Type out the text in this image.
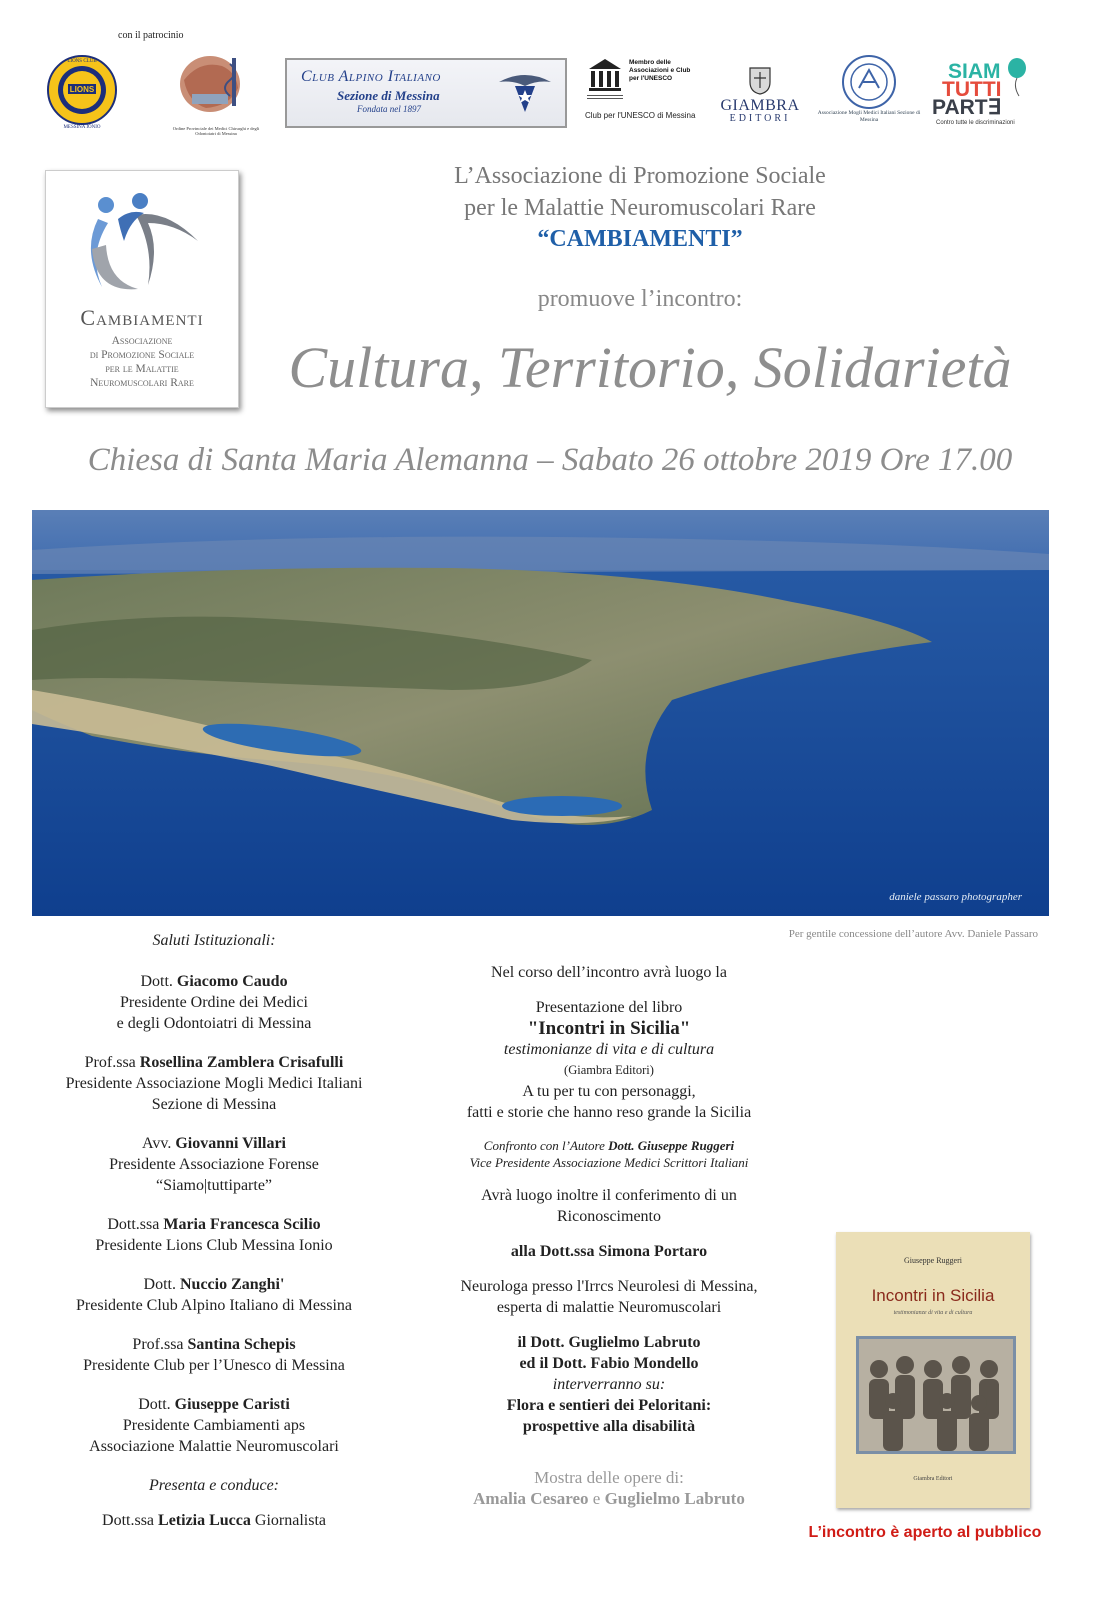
con il patrocinio
LIONS
LIONS CLUB
MESSINA IONIO	Ordine Provinciale dei Medici Chirurghi e degli Odontoiatri di Messina
Club Alpino Italiano
Sezione di Messina
Fondata nel 1897
Membro delle Associazioni e Club per l'UNESCO
Club per l'UNESCO di Messina
GIAMBRA
EDITORI	Associazione Mogli Medici Italiani Sezione di Messina
SIAM
TUTTI
PART∃
Contro tutte le discriminazioni
Cambiamenti
Associazione
di Promozione Sociale
per le Malattie
Neuromuscolari Rare
L’Associazione di Promozione Sociale
per le Malattie Neuromuscolari Rare
“CAMBIAMENTI”
promuove l’incontro:
Cultura, Territorio, Solidarietà
Chiesa di Santa Maria Alemanna – Sabato 26 ottobre 2019 Ore 17.00
daniele passaro photographer
Per gentile concessione dell’autore Avv. Daniele Passaro
Saluti Istituzionali:
Dott. Giacomo Caudo
Presidente Ordine dei Medici
e degli Odontoiatri di Messina
Prof.ssa Rosellina Zamblera Crisafulli
Presidente Associazione Mogli Medici Italiani
Sezione di Messina
Avv. Giovanni Villari
Presidente Associazione Forense
“Siamo|tuttiparte”
Dott.ssa Maria Francesca Scilio
Presidente Lions Club Messina Ionio
Dott. Nuccio Zanghi'
Presidente Club Alpino Italiano di Messina
Prof.ssa Santina Schepis
Presidente Club per l’Unesco di Messina
Dott. Giuseppe Caristi
Presidente Cambiamenti aps
Associazione Malattie Neuromuscolari
Presenta e conduce:
Dott.ssa Letizia Lucca Giornalista
Nel corso dell’incontro avrà luogo la
Presentazione del libro
"Incontri in Sicilia"
testimonianze di vita e di cultura
(Giambra Editori)
A tu per tu con personaggi,
fatti e storie che hanno reso grande la Sicilia
Confronto con l’Autore Dott. Giuseppe Ruggeri
Vice Presidente Associazione Medici Scrittori Italiani
Avrà luogo inoltre il conferimento di un
Riconoscimento
alla Dott.ssa Simona Portaro
Neurologa presso l'Irrcs Neurolesi di Messina,
esperta di malattie Neuromuscolari
il Dott. Guglielmo Labruto
ed il Dott. Fabio Mondello
interverranno su:
Flora e sentieri dei Peloritani:
prospettive alla disabilità
Mostra delle opere di:
Amalia Cesareo e Guglielmo Labruto
Giuseppe Ruggeri
Incontri in Sicilia
testimonianze di vita e di cultura
Giambra Editori
L’incontro è aperto al pubblico
